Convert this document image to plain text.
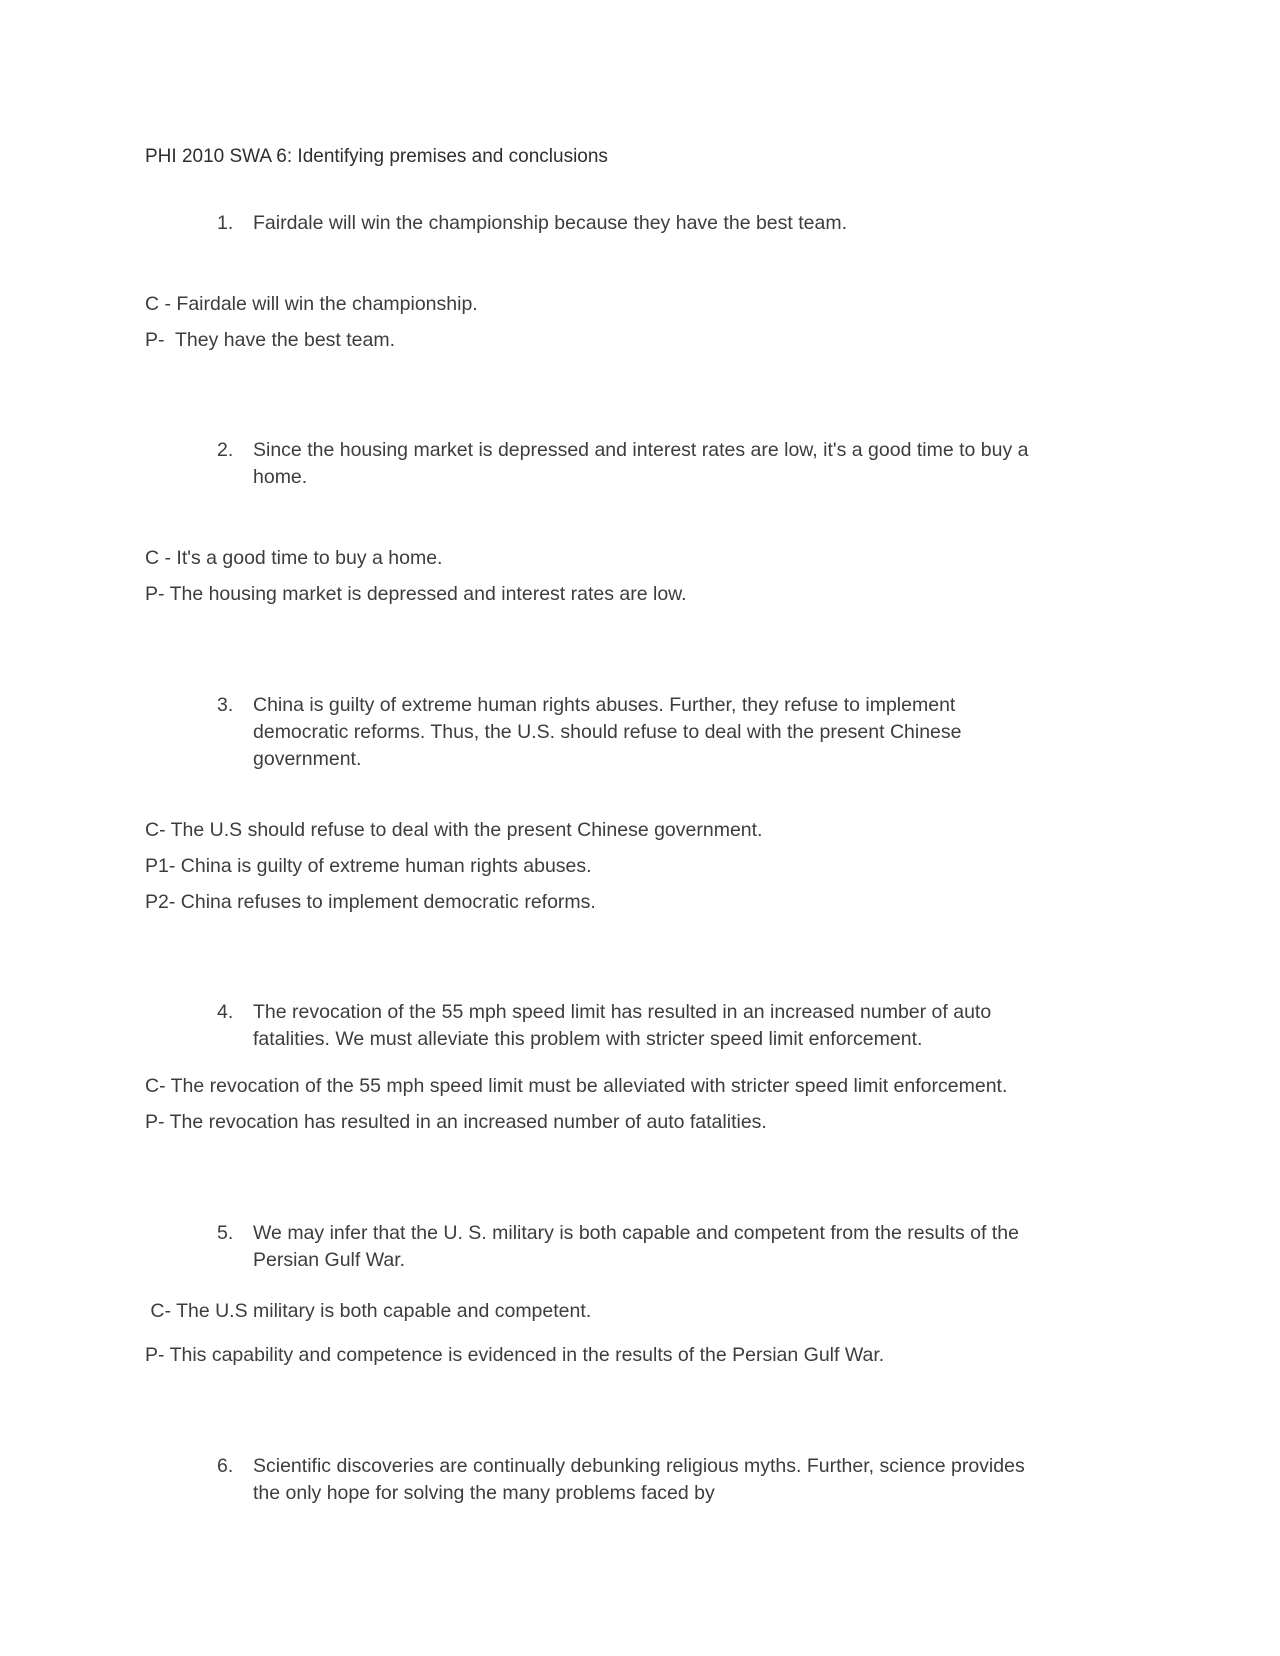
PHI 2010 SWA 6: Identifying premises and conclusions

1.	Fairdale will win the championship because they have the best team.

C - Fairdale will win the championship.

P-  They have the best team.

2.	Since the housing market is depressed and interest rates are low, it's a good time to buy a home.

C - It's a good time to buy a home.

P- The housing market is depressed and interest rates are low.

3.	China is guilty of extreme human rights abuses. Further, they refuse to implement democratic reforms. Thus, the U.S. should refuse to deal with the present Chinese government.

C- The U.S should refuse to deal with the present Chinese government.

P1- China is guilty of extreme human rights abuses.

P2- China refuses to implement democratic reforms.

4.	The revocation of the 55 mph speed limit has resulted in an increased number of auto fatalities. We must alleviate this problem with stricter speed limit enforcement.

C- The revocation of the 55 mph speed limit must be alleviated with stricter speed limit enforcement.

P- The revocation has resulted in an increased number of auto fatalities.

5.	We may infer that the U. S. military is both capable and competent from the results of the Persian Gulf War.

C- The U.S military is both capable and competent.

P- This capability and competence is evidenced in the results of the Persian Gulf War.

6.	Scientific discoveries are continually debunking religious myths. Further, science provides the only hope for solving the many problems faced by
